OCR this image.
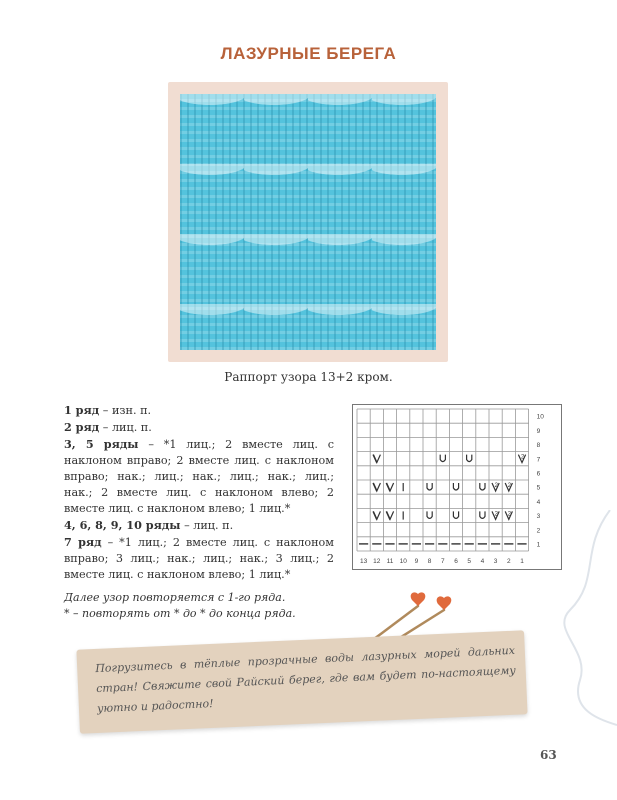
ЛАЗУРНЫЕ БЕРЕГА
Раппорт узора 13+2 кром.
1 ряд – изн. п.
2 ряд – лиц. п.
3, 5 ряды – *1 лиц.; 2 вместе лиц. с наклоном вправо; 2 вместе лиц. с наклоном вправо; нак.; лиц.; нак.; лиц.; нак.; лиц.; нак.; 2 вместе лиц. с наклоном влево; 2 вместе лиц. с наклоном влево; 1 лиц.*
4, 6, 8, 9, 10 ряды – лиц. п.
7 ряд – *1 лиц.; 2 вместе лиц. с наклоном вправо; 3 лиц.; нак.; лиц.; нак.; 3 лиц.; 2 вместе лиц. с наклоном влево; 1 лиц.*
10
9
8
7
6
5
4
3
2
1
13 12 11 10 9 8 7 6 5 4 3 2 1
2
2 2
2 2
Далее узор повторяется с 1-го ряда.
* – повторять от * до * до конца ряда.
Погрузитесь в тёплые прозрачные воды лазурных морей дальних стран! Свяжите свой Райский берег, где вам будет по-настоящему уютно и радостно!
63
